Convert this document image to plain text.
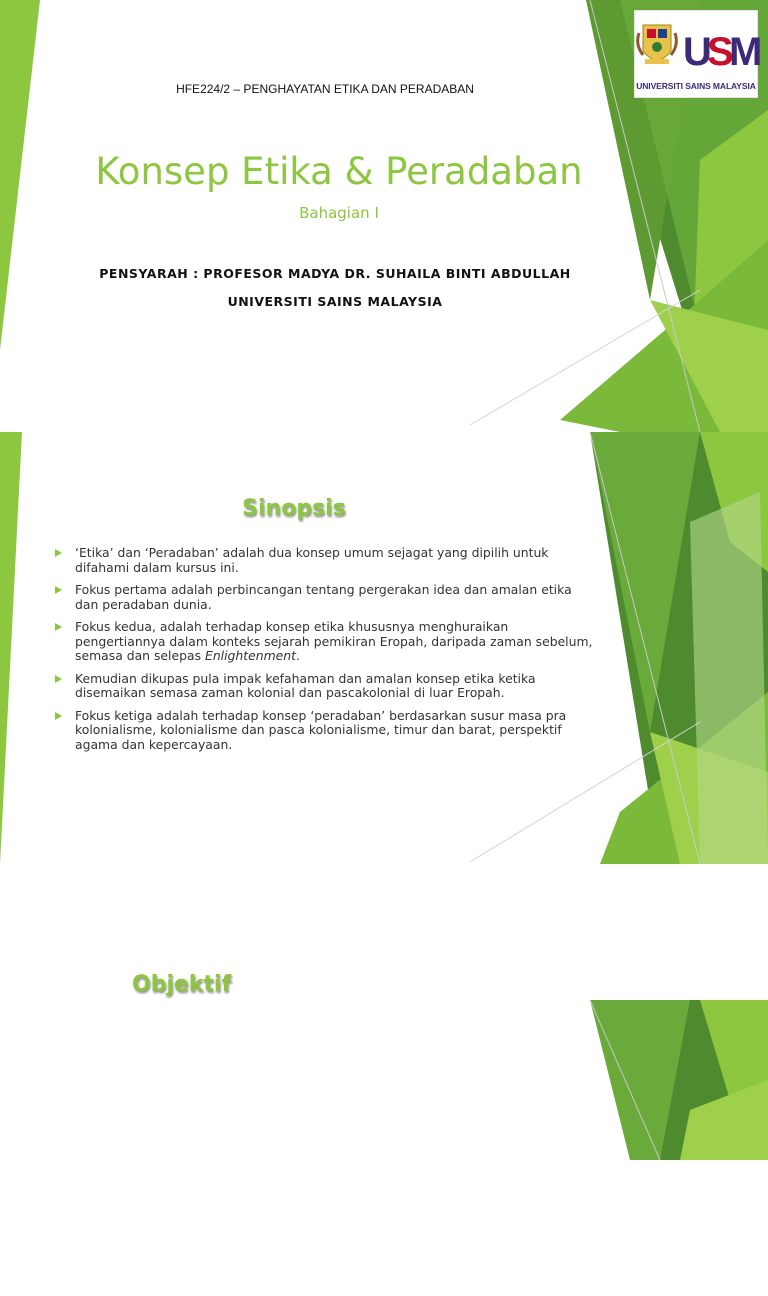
U
S
M
UNIVERSITI SAINS MALAYSIA
HFE224/2 – PENGHAYATAN ETIKA DAN PERADABAN
Konsep Etika & Peradaban
Bahagian I
PENSYARAH : PROFESOR MADYA DR. SUHAILA BINTI ABDULLAH
UNIVERSITI SAINS MALAYSIA
Sinopsis
‘Etika’ dan ‘Peradaban’ adalah dua konsep umum sejagat yang dipilih untuk difahami dalam kursus ini.
Fokus pertama adalah perbincangan tentang pergerakan idea dan amalan etika dan peradaban dunia.
Fokus kedua, adalah terhadap konsep etika khususnya menghuraikan pengertiannya dalam konteks sejarah pemikiran Eropah, daripada zaman sebelum, semasa dan selepas Enlightenment.
Kemudian dikupas pula impak kefahaman dan amalan konsep etika ketika disemaikan semasa zaman kolonial dan pascakolonial di luar Eropah.
Fokus ketiga adalah terhadap konsep ‘peradaban’ berdasarkan susur masa pra kolonialisme, kolonialisme dan pasca kolonialisme, timur dan barat, perspektif agama dan kepercayaan.
Objektif
